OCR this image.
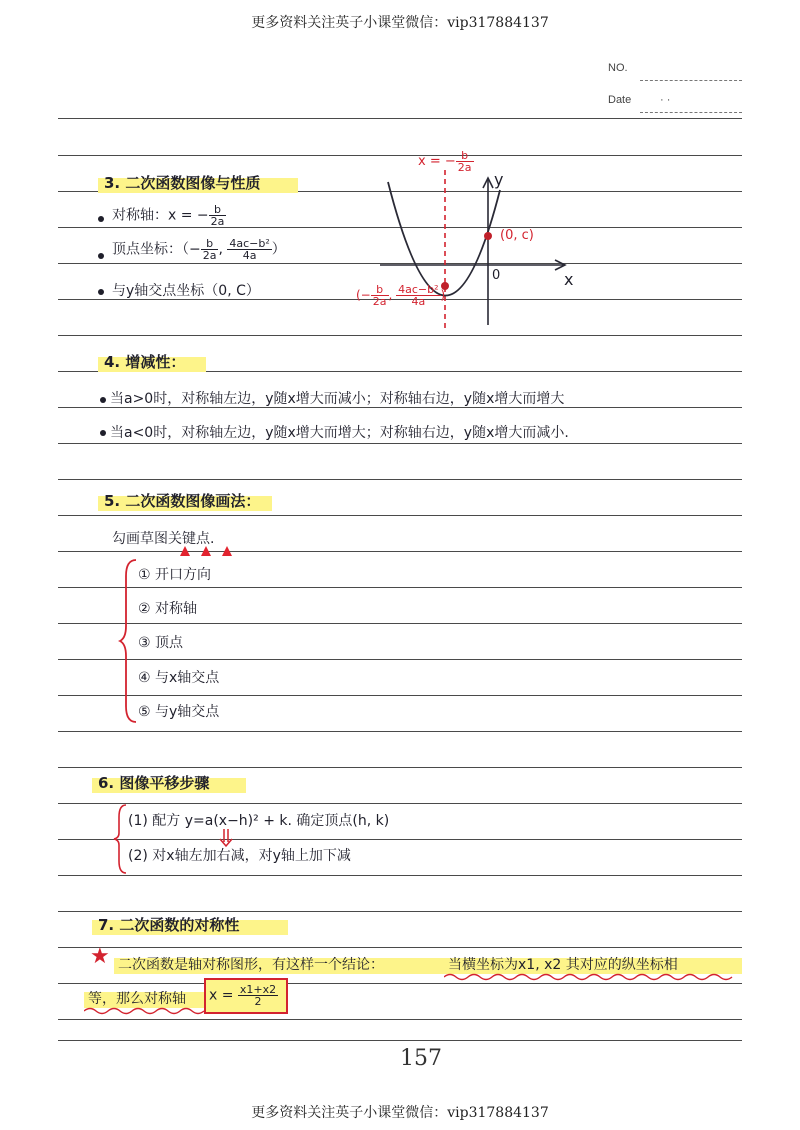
更多资料关注英子小课堂微信：vip317884137
NO.
Date	· ·
3. 二次函数图像与性质
对称轴：x = − $\frac{b}{2a}$
顶点坐标：（− $\frac{b}{2a}$ , $\frac{\text{4ac−b²}}{4a}$ ）
与y轴交点坐标（0, C）
x = − $\frac{b}{2a}$
y
x
0
(0, c)
(− $\frac{b}{2a}$ , $\frac{\text{4ac−b²}}{4a}$ )
4. 增减性：
当a>0时，对称轴左边，y随x增大而减小；对称轴右边，y随x增大而增大
当a<0时，对称轴左边，y随x增大而增大；对称轴右边，y随x增大而减小.
5. 二次函数图像画法：
勾画草图关键点.
① 开口方向
② 对称轴
③ 顶点
④ 与x轴交点
⑤ 与y轴交点
6. 图像平移步骤
(1) 配方 y=a(x−h)² + k. 确定顶点(h, k)
(2) 对x轴左加右减，对y轴上加下减
7. 二次函数的对称性
★ 二次函数是轴对称图形，有这样一个结论：	当横坐标为x1, x2 其对应的纵坐标相
等，那么对称轴 $x = \frac{x1+x2}{2}$
157
更多资料关注英子小课堂微信：vip317884137
